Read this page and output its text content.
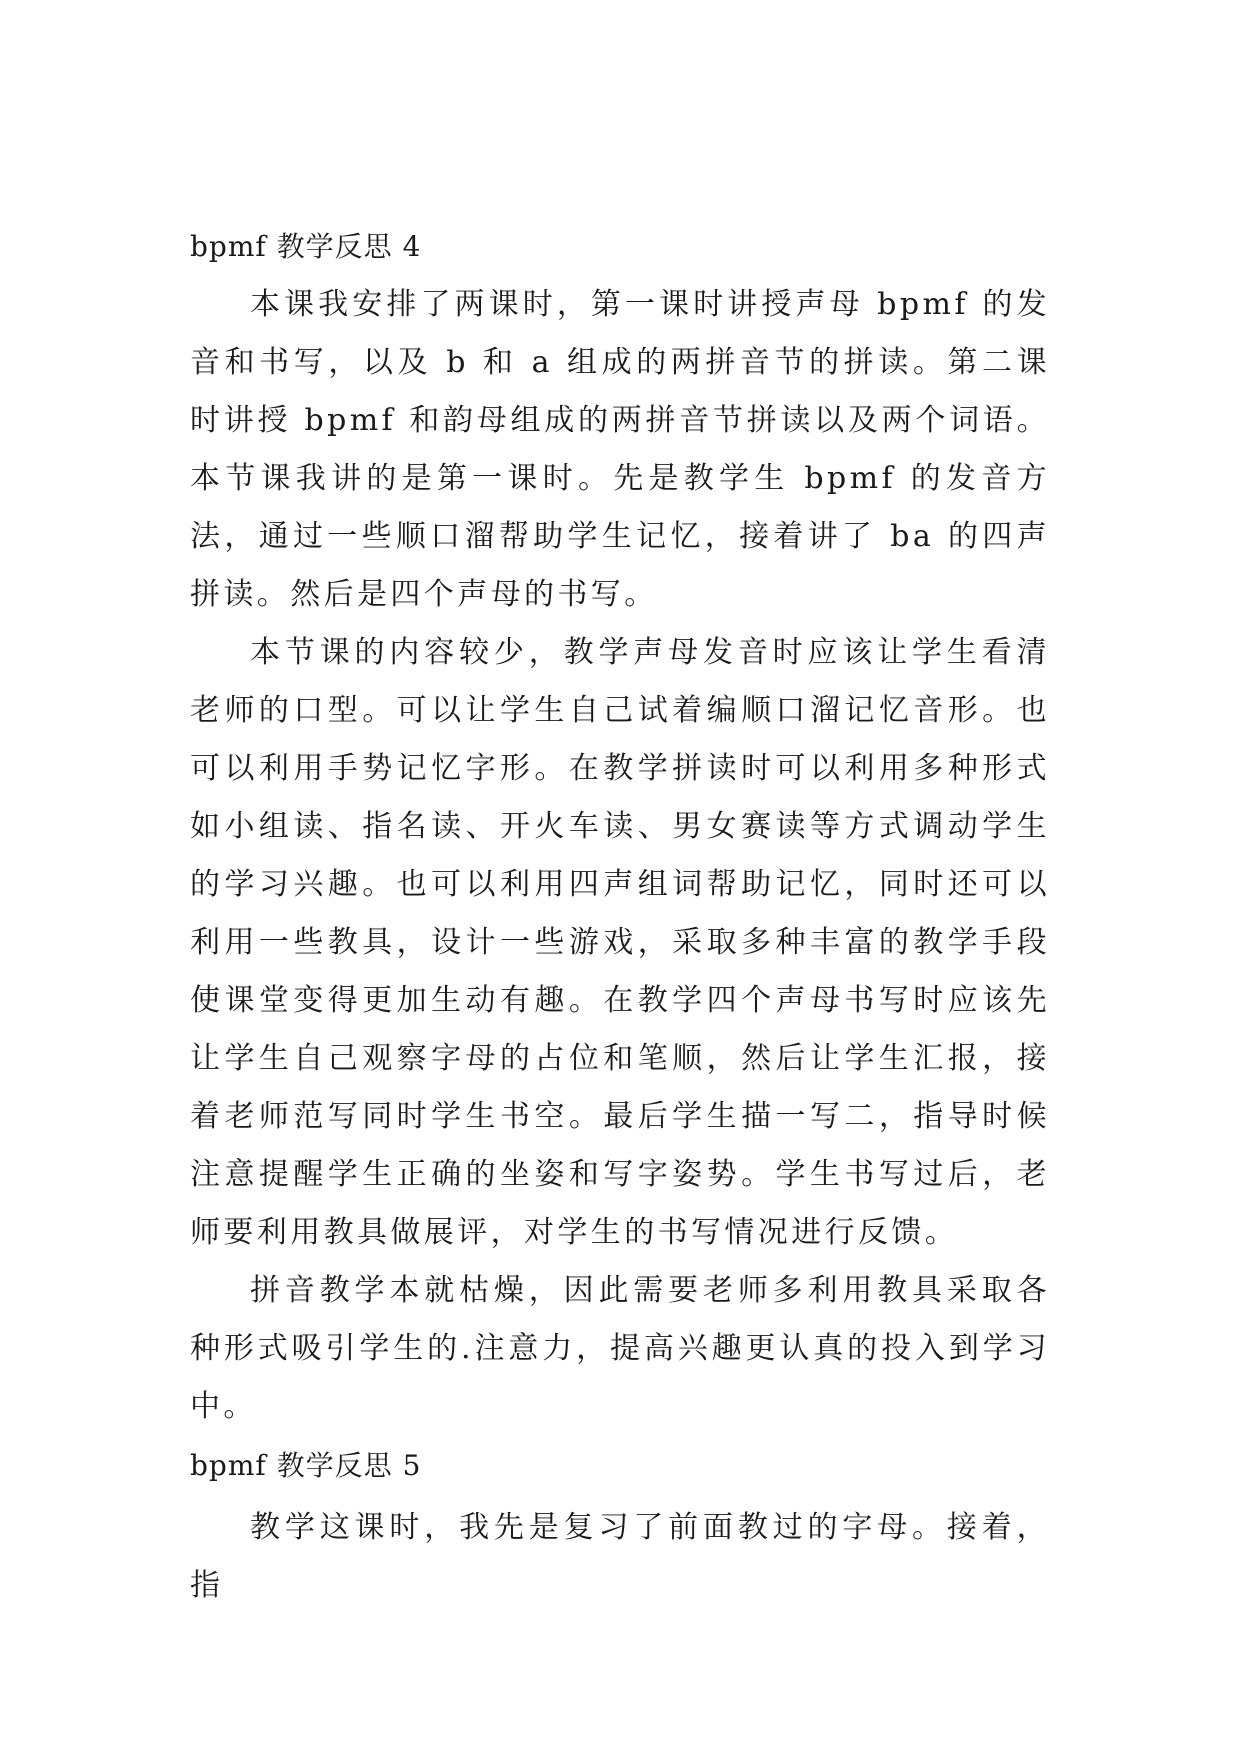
bpmf 教学反思 4

本课我安排了两课时，第一课时讲授声母 bpmf 的发音和书写，以及 b 和 a 组成的两拼音节的拼读。第二课时讲授 bpmf 和韵母组成的两拼音节拼读以及两个词语。本节课我讲的是第一课时。先是教学生 bpmf 的发音方法，通过一些顺口溜帮助学生记忆，接着讲了 ba 的四声拼读。然后是四个声母的书写。

本节课的内容较少，教学声母发音时应该让学生看清老师的口型。可以让学生自己试着编顺口溜记忆音形。也可以利用手势记忆字形。在教学拼读时可以利用多种形式如小组读、指名读、开火车读、男女赛读等方式调动学生的学习兴趣。也可以利用四声组词帮助记忆，同时还可以利用一些教具，设计一些游戏，采取多种丰富的教学手段使课堂变得更加生动有趣。在教学四个声母书写时应该先让学生自己观察字母的占位和笔顺，然后让学生汇报，接着老师范写同时学生书空。最后学生描一写二，指导时候注意提醒学生正确的坐姿和写字姿势。学生书写过后，老师要利用教具做展评，对学生的书写情况进行反馈。

拼音教学本就枯燥，因此需要老师多利用教具采取各种形式吸引学生的.注意力，提高兴趣更认真的投入到学习中。

bpmf 教学反思 5

教学这课时，我先是复习了前面教过的字母。接着，指
